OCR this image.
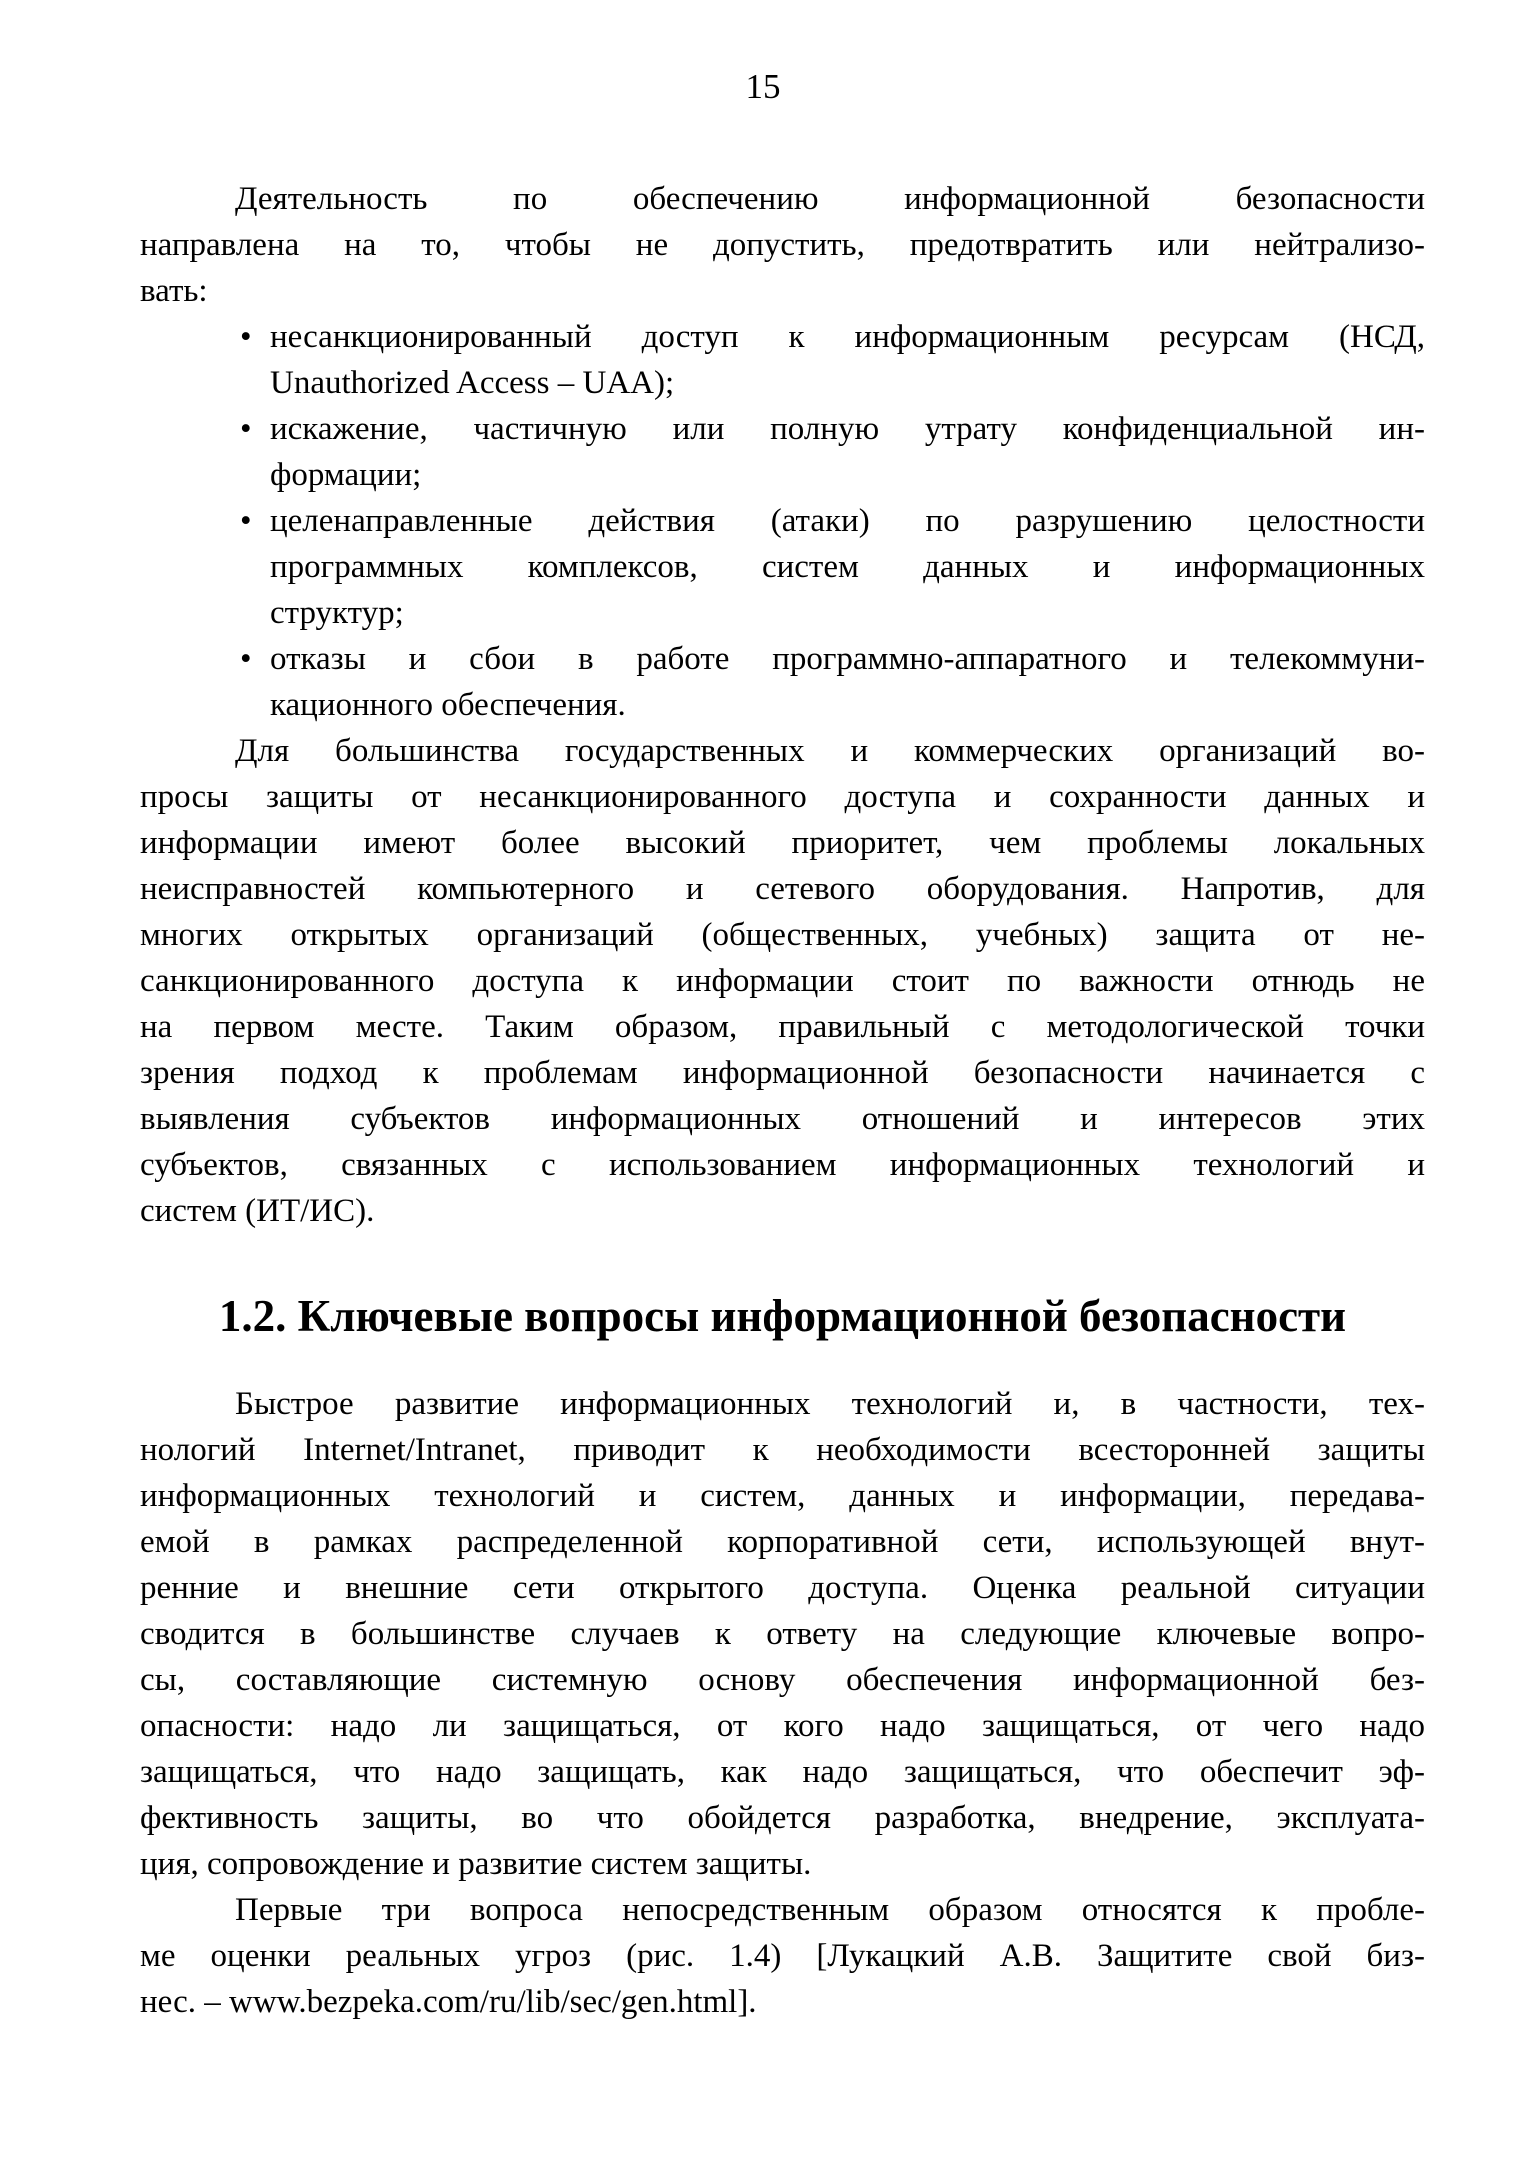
15
Деятельность по обеспечению информационной безопасности
направлена на то, чтобы не допустить, предотвратить или нейтрализо-
вать:
• несанкционированный доступ к информационным ресурсам (НСД,
Unauthorized Access – UAA);
• искажение, частичную или полную утрату конфиденциальной ин-
формации;
• целенаправленные действия (атаки) по разрушению целостности
программных комплексов, систем данных и информационных
структур;
• отказы и сбои в работе программно-аппаратного и телекоммуни-
кационного обеспечения.
Для большинства государственных и коммерческих организаций во-
просы защиты от несанкционированного доступа и сохранности данных и
информации имеют более высокий приоритет, чем проблемы локальных
неисправностей компьютерного и сетевого оборудования. Напротив, для
многих открытых организаций (общественных, учебных) защита от не-
санкционированного доступа к информации стоит по важности отнюдь не
на первом месте. Таким образом, правильный с методологической точки
зрения подход к проблемам информационной безопасности начинается с
выявления субъектов информационных отношений и интересов этих
субъектов, связанных с использованием информационных технологий и
систем (ИТ/ИС).
1.2. Ключевые вопросы информационной безопасности
Быстрое развитие информационных технологий и, в частности, тех-
нологий Internet/Intranet, приводит к необходимости всесторонней защиты
информационных технологий и систем, данных и информации, передава-
емой в рамках распределенной корпоративной сети, использующей внут-
ренние и внешние сети открытого доступа. Оценка реальной ситуации
сводится в большинстве случаев к ответу на следующие ключевые вопро-
сы, составляющие системную основу обеспечения информационной без-
опасности: надо ли защищаться, от кого надо защищаться, от чего надо
защищаться, что надо защищать, как надо защищаться, что обеспечит эф-
фективность защиты, во что обойдется разработка, внедрение, эксплуата-
ция, сопровождение и развитие систем защиты.
Первые три вопроса непосредственным образом относятся к пробле-
ме оценки реальных угроз (рис. 1.4) [Лукацкий А.В. Защитите свой биз-
нес. – www.bezpeka.com/ru/lib/sec/gen.html].
